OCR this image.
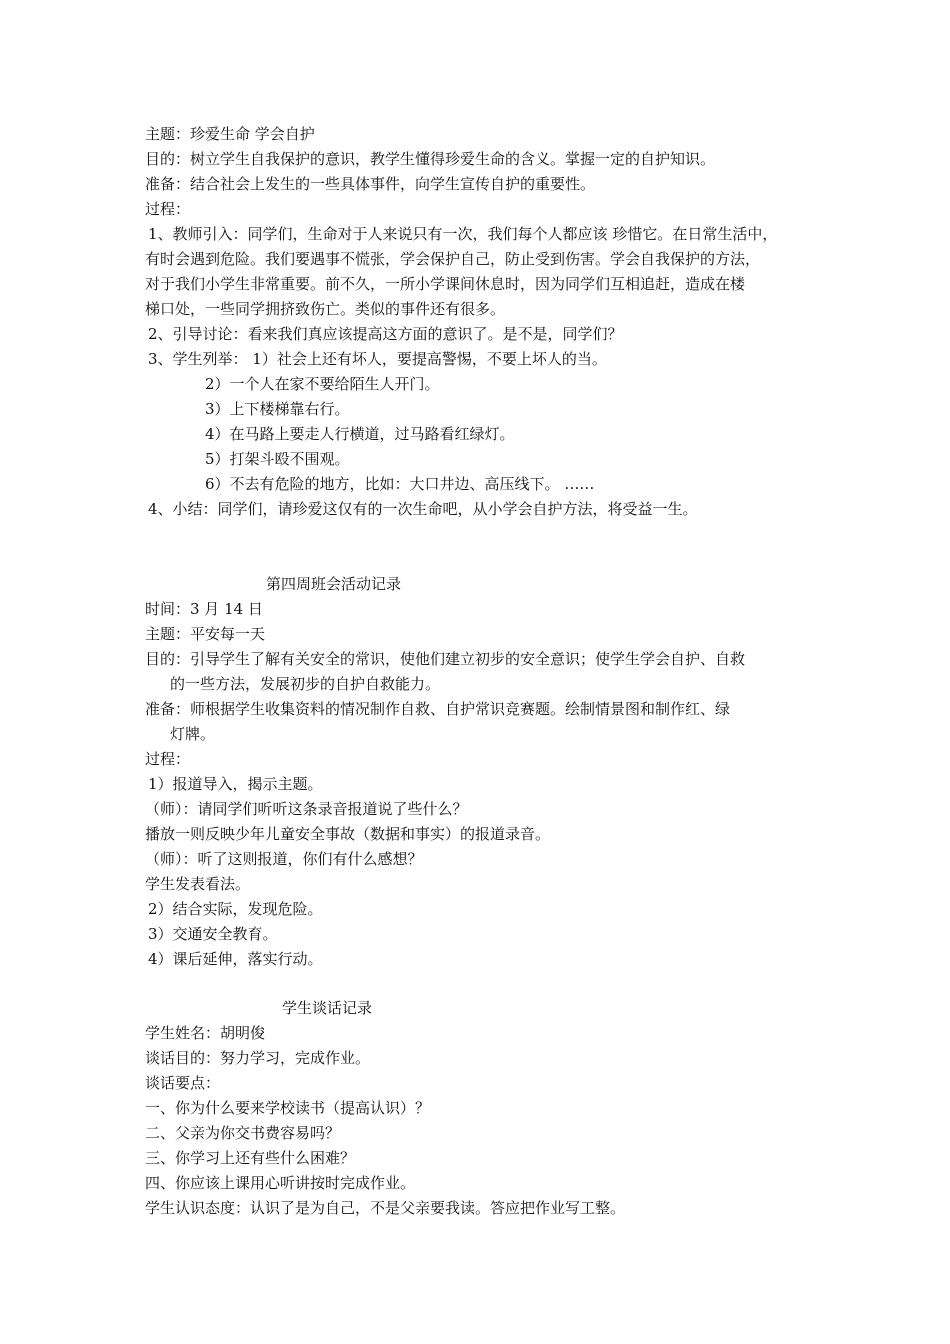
主题：珍爱生命 学会自护
目的：树立学生自我保护的意识，教学生懂得珍爱生命的含义。掌握一定的自护知识。
准备：结合社会上发生的一些具体事件，向学生宣传自护的重要性。
过程：
1、教师引入：同学们，生命对于人来说只有一次，我们每个人都应该 珍惜它。在日常生活中，
有时会遇到危险。我们要遇事不慌张，学会保护自己，防止受到伤害。学会自我保护的方法，
对于我们小学生非常重要。前不久，一所小学课间休息时，因为同学们互相追赶，造成在楼
梯口处，一些同学拥挤致伤亡。类似的事件还有很多。
2、引导讨论：看来我们真应该提高这方面的意识了。是不是，同学们？
3、学生列举： 1）社会上还有坏人，要提高警惕，不要上坏人的当。
2）一个人在家不要给陌生人开门。
3）上下楼梯靠右行。
4）在马路上要走人行横道，过马路看红绿灯。
5）打架斗殴不围观。
6）不去有危险的地方，比如：大口井边、高压线下。 ……
4、小结：同学们，请珍爱这仅有的一次生命吧，从小学会自护方法，将受益一生。
第四周班会活动记录
时间：3 月 14 日
主题：平安每一天
目的：引导学生了解有关安全的常识，使他们建立初步的安全意识；使学生学会自护、自救
的一些方法，发展初步的自护自救能力。
准备：师根据学生收集资料的情况制作自救、自护常识竞赛题。绘制情景图和制作红、绿
灯牌。
过程：
1）报道导入，揭示主题。
（师）：请同学们听听这条录音报道说了些什么？
播放一则反映少年儿童安全事故（数据和事实）的报道录音。
（师）：听了这则报道，你们有什么感想？
学生发表看法。
2）结合实际，发现危险。
3）交通安全教育。
4）课后延伸，落实行动。
学生谈话记录
学生姓名：胡明俊
谈话目的：努力学习，完成作业。
谈话要点：
一、你为什么要来学校读书（提高认识）？
二、父亲为你交书费容易吗？
三、你学习上还有些什么困难？
四、你应该上课用心听讲按时完成作业。
学生认识态度：认识了是为自己，不是父亲要我读。答应把作业写工整。
